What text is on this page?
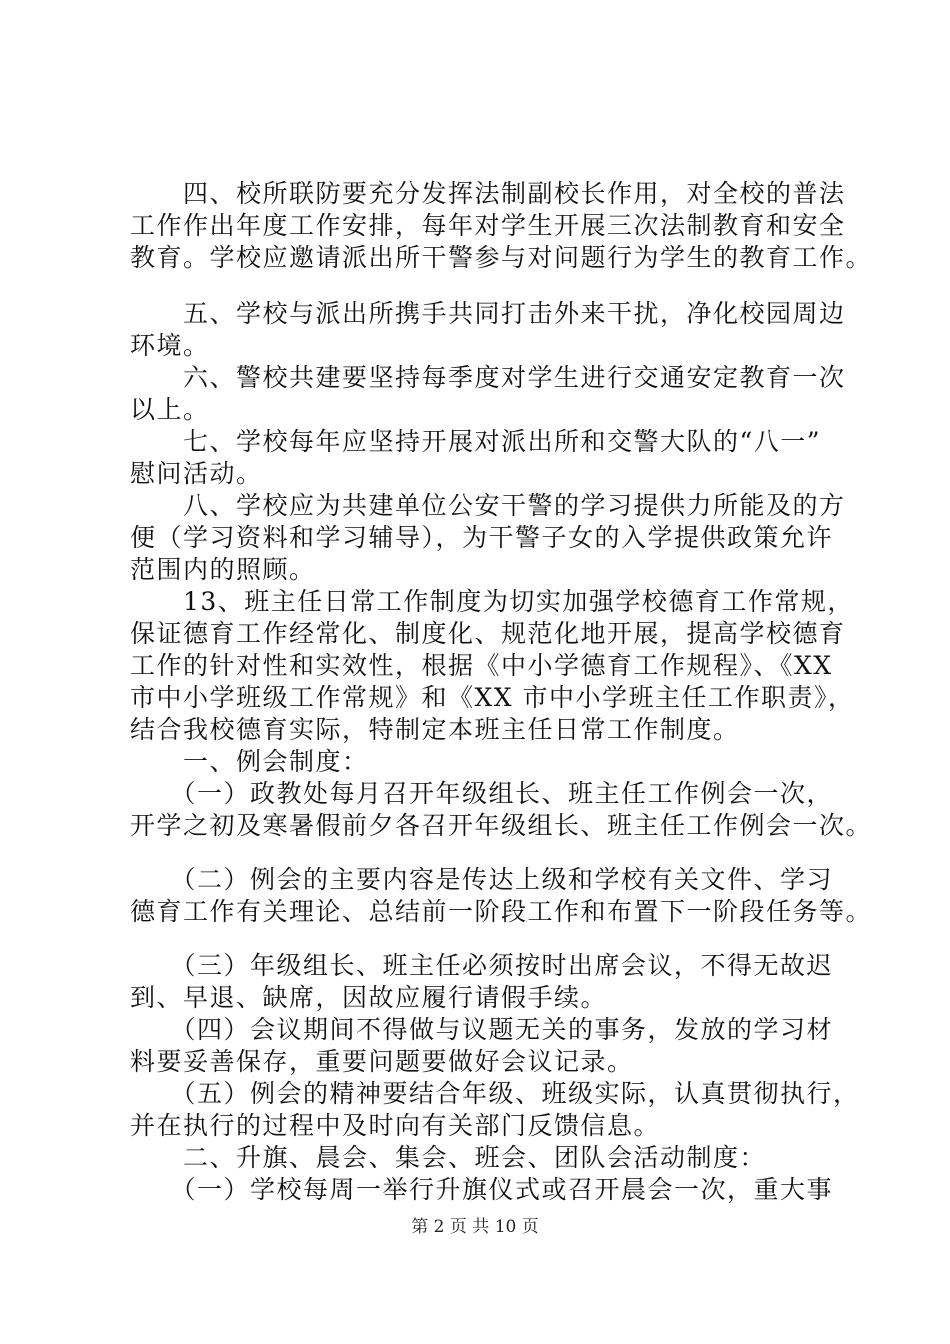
　　四、校所联防要充分发挥法制副校长作用，对全校的普法
工作作出年度工作安排，每年对学生开展三次法制教育和安全
教育。学校应邀请派出所干警参与对问题行为学生的教育工作。
　　五、学校与派出所携手共同打击外来干扰，净化校园周边
环境。
　　六、警校共建要坚持每季度对学生进行交通安定教育一次
以上。
　　七、学校每年应坚持开展对派出所和交警大队的“八一”
慰问活动。
　　八、学校应为共建单位公安干警的学习提供力所能及的方
便（学习资料和学习辅导），为干警子女的入学提供政策允许
范围内的照顾。
　　13、班主任日常工作制度为切实加强学校德育工作常规，
保证德育工作经常化、制度化、规范化地开展，提高学校德育
工作的针对性和实效性，根据《中小学德育工作规程》、《XX
市中小学班级工作常规》和《XX 市中小学班主任工作职责》，
结合我校德育实际，特制定本班主任日常工作制度。
　　一、例会制度：
　　（一）政教处每月召开年级组长、班主任工作例会一次，
开学之初及寒暑假前夕各召开年级组长、班主任工作例会一次。
　　（二）例会的主要内容是传达上级和学校有关文件、学习
德育工作有关理论、总结前一阶段工作和布置下一阶段任务等。
　　（三）年级组长、班主任必须按时出席会议，不得无故迟
到、早退、缺席，因故应履行请假手续。
　　（四）会议期间不得做与议题无关的事务，发放的学习材
料要妥善保存，重要问题要做好会议记录。
　　（五）例会的精神要结合年级、班级实际，认真贯彻执行，
并在执行的过程中及时向有关部门反馈信息。
　　二、升旗、晨会、集会、班会、团队会活动制度：
　　（一）学校每周一举行升旗仪式或召开晨会一次，重大事
第 2 页 共 10 页
